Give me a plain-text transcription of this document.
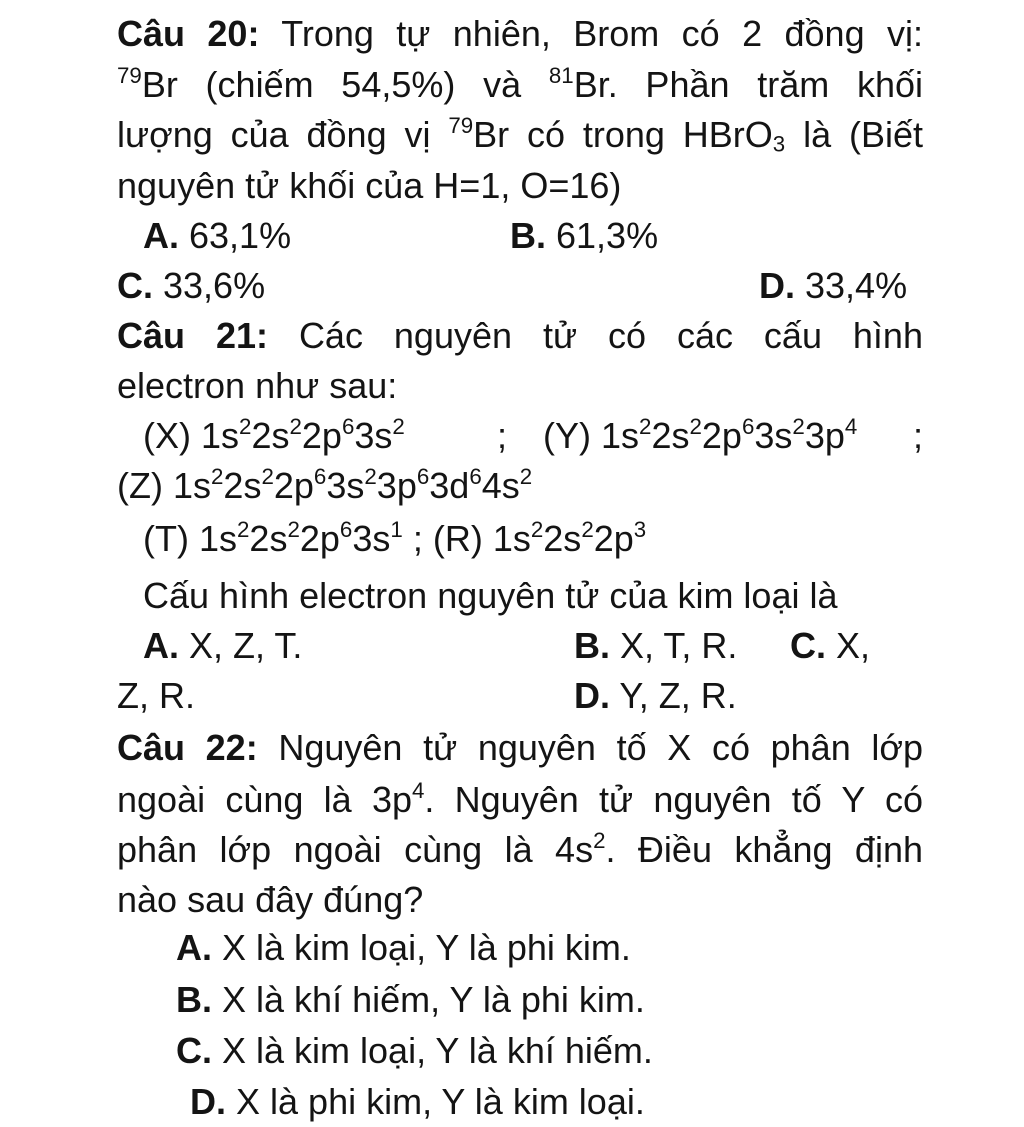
Câu 20: Trong tự nhiên, Brom có 2 đồng vị:
$^{79}$Br (chiếm 54,5%) và $^{81}$Br. Phần trăm khối
lượng của đồng vị $^{79}$Br có trong HBrO$_3$ là (Biết
nguyên tử khối của H=1, O=16)
A. 63,1%	B. 61,3%
C. 33,6%	D. 33,4%
Câu 21: Các nguyên tử có các cấu hình
electron như sau:
(X) $1s^22s^22p^63s^2$	; (Y) $1s^22s^22p^63s^23p^4$ ;
(Z) $1s^22s^22p^63s^23p^63d^64s^2$
(T) $1s^22s^22p^63s^1$ ; (R) $1s^22s^22p^3$
Cấu hình electron nguyên tử của kim loại là
A. X, Z, T.	B. X, T, R. C. X,
Z, R.	D. Y, Z, R.
Câu 22: Nguyên tử nguyên tố X có phân lớp
ngoài cùng là $3p^4$. Nguyên tử nguyên tố Y có
phân lớp ngoài cùng là $4s^2$. Điều khẳng định
nào sau đây đúng?
A. X là kim loại, Y là phi kim.
B. X là khí hiếm, Y là phi kim.
C. X là kim loại, Y là khí hiếm.
D. X là phi kim, Y là kim loại.
